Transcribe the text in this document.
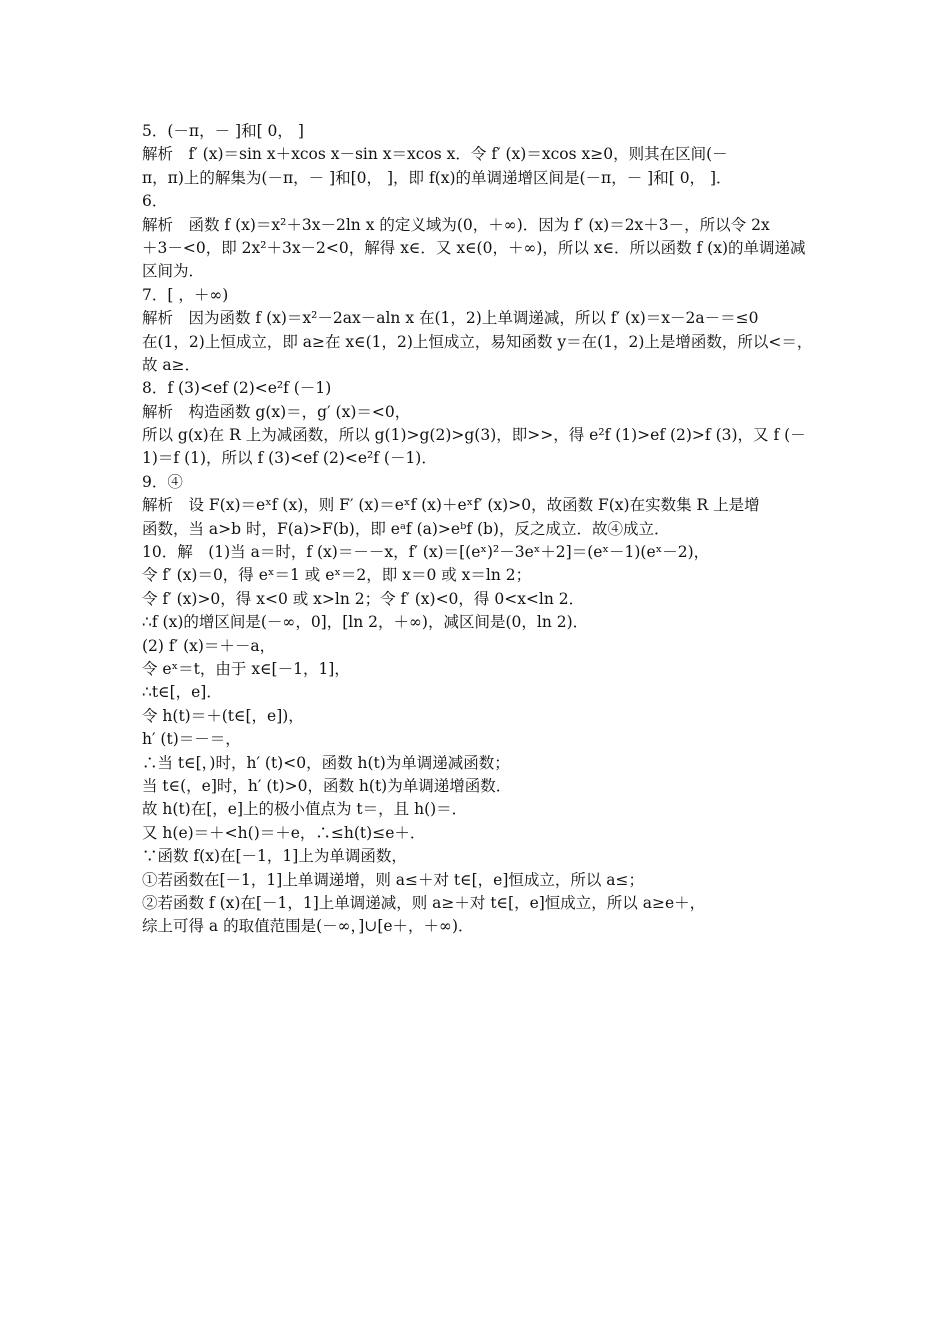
5．(－π，－ ]和[ 0， ]
解析　f′ (x)＝sin x＋xcos x－sin x＝xcos x．令 f′ (x)＝xcos x≥0，则其在区间(－
π，π)上的解集为(－π，－ ]和[0， ]，即 f(x)的单调递增区间是(－π，－ ]和[ 0， ]．
6．
解析　函数 f (x)＝x²＋3x－2ln x 的定义域为(0，＋∞)．因为 f′ (x)＝2x＋3－，所以令 2x
＋3－<0，即 2x²＋3x－2<0，解得 x∈．又 x∈(0，＋∞)，所以 x∈．所以函数 f (x)的单调递减
区间为．
7．[ ，＋∞)
解析　因为函数 f (x)＝x²－2ax－aln x 在(1，2)上单调递减，所以 f′ (x)＝x－2a－＝≤0
在(1，2)上恒成立，即 a≥在 x∈(1，2)上恒成立，易知函数 y＝在(1，2)上是增函数，所以<＝，
故 a≥．
8．f (3)<ef (2)<e²f (－1)
解析　构造函数 g(x)＝，g′ (x)＝<0，
所以 g(x)在 R 上为减函数，所以 g(1)>g(2)>g(3)，即>>，得 e²f (1)>ef (2)>f (3)，又 f (－
1)＝f (1)，所以 f (3)<ef (2)<e²f (－1)．
9．④
解析　设 F(x)＝eˣf (x)，则 F′ (x)＝eˣf (x)＋eˣf′ (x)>0，故函数 F(x)在实数集 R 上是增
函数，当 a>b 时，F(a)>F(b)，即 eᵃf (a)>eᵇf (b)，反之成立．故④成立．
10．解　(1)当 a＝时，f (x)＝－－x，f′ (x)＝[(eˣ)²－3eˣ＋2]＝(eˣ－1)(eˣ－2)，
令 f′ (x)＝0，得 eˣ＝1 或 eˣ＝2，即 x＝0 或 x＝ln 2；
令 f′ (x)>0，得 x<0 或 x>ln 2；令 f′ (x)<0，得 0<x<ln 2．
∴f (x)的增区间是(－∞，0]，[ln 2，＋∞)，减区间是(0，ln 2)．
(2) f′ (x)＝＋－a，
令 eˣ＝t，由于 x∈[－1，1]，
∴t∈[，e]．
令 h(t)＝＋(t∈[，e])，
h′ (t)＝－＝，
∴当 t∈[，)时，h′ (t)<0，函数 h(t)为单调递减函数；
当 t∈(，e]时，h′ (t)>0，函数 h(t)为单调递增函数．
故 h(t)在[，e]上的极小值点为 t＝，且 h()＝．
又 h(e)＝＋<h()＝＋e，∴≤h(t)≤e＋．
∵函数 f(x)在[－1，1]上为单调函数，
①若函数在[－1，1]上单调递增，则 a≤＋对 t∈[，e]恒成立，所以 a≤；
②若函数 f (x)在[－1，1]上单调递减，则 a≥＋对 t∈[，e]恒成立，所以 a≥e＋，
综上可得 a 的取值范围是(－∞，]∪[e＋，＋∞)．
